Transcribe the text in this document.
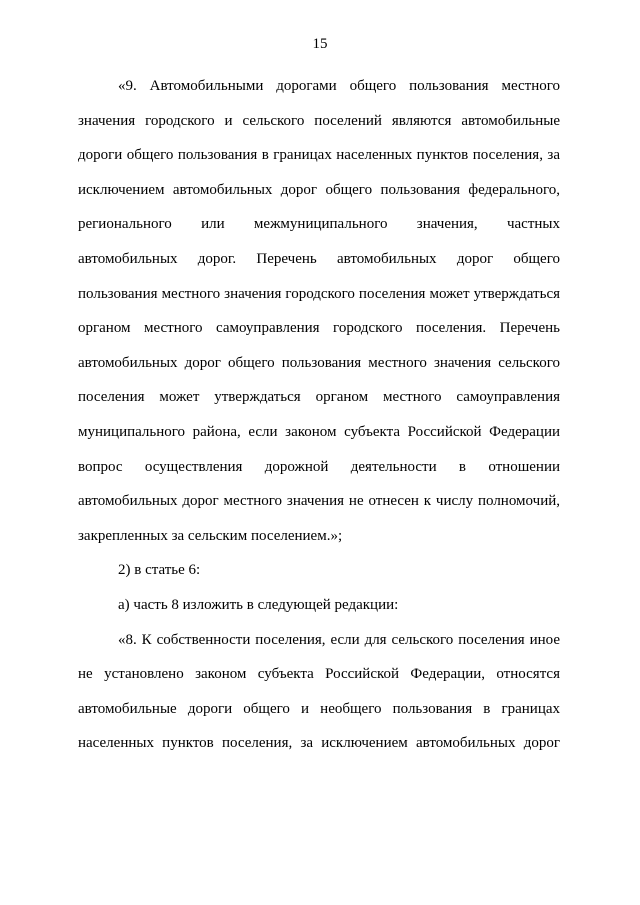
15

«9. Автомобильными дорогами общего пользования местного значения городского и сельского поселений являются автомобильные дороги общего пользования в границах населенных пунктов поселения, за исключением автомобильных дорог общего пользования федерального, регионального или межмуниципального значения, частных автомобильных дорог. Перечень автомобильных дорог общего пользования местного значения городского поселения может утверждаться органом местного самоуправления городского поселения. Перечень автомобильных дорог общего пользования местного значения сельского поселения может утверждаться органом местного самоуправления муниципального района, если законом субъекта Российской Федерации вопрос осуществления дорожной деятельности в отношении автомобильных дорог местного значения не отнесен к числу полномочий, закрепленных за сельским поселением.»;

2) в статье 6:

а) часть 8 изложить в следующей редакции:

«8. К собственности поселения, если для сельского поселения иное не установлено законом субъекта Российской Федерации, относятся автомобильные дороги общего и необщего пользования в границах населенных пунктов поселения, за исключением автомобильных дорог
